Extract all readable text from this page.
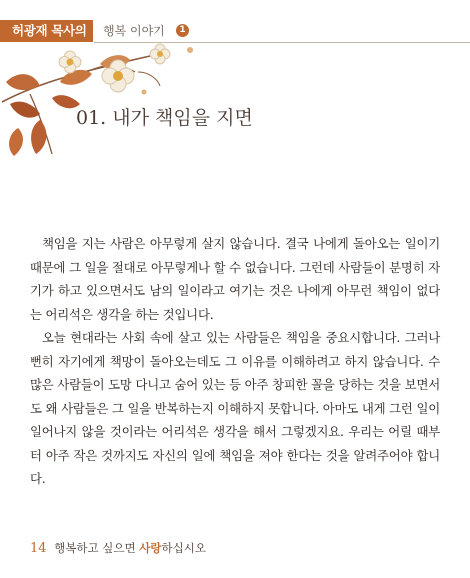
허광재 목사의	행복 이야기	1
01. 내가 책임을 지면

책임을 지는 사람은 아무렇게 살지 않습니다. 결국 나에게 돌아오는 일이기 때문에 그 일을 절대로 아무렇게나 할 수 없습니다. 그런데 사람들이 분명히 자기가 하고 있으면서도 남의 일이라고 여기는 것은 나에게 아무런 책임이 없다는 어리석은 생각을 하는 것입니다.

오늘 현대라는 사회 속에 살고 있는 사람들은 책임을 중요시합니다. 그러나 뻔히 자기에게 책망이 돌아오는데도 그 이유를 이해하려고 하지 않습니다. 수많은 사람들이 도망 다니고 숨어 있는 등 아주 창피한 꼴을 당하는 것을 보면서도 왜 사람들은 그 일을 반복하는지 이해하지 못합니다. 아마도 내게 그런 일이 일어나지 않을 것이라는 어리석은 생각을 해서 그렇겠지요. 우리는 어릴 때부터 아주 작은 것까지도 자신의 일에 책임을 져야 한다는 것을 알려주어야 합니다.

14 행복하고 싶으면 사랑하십시오
